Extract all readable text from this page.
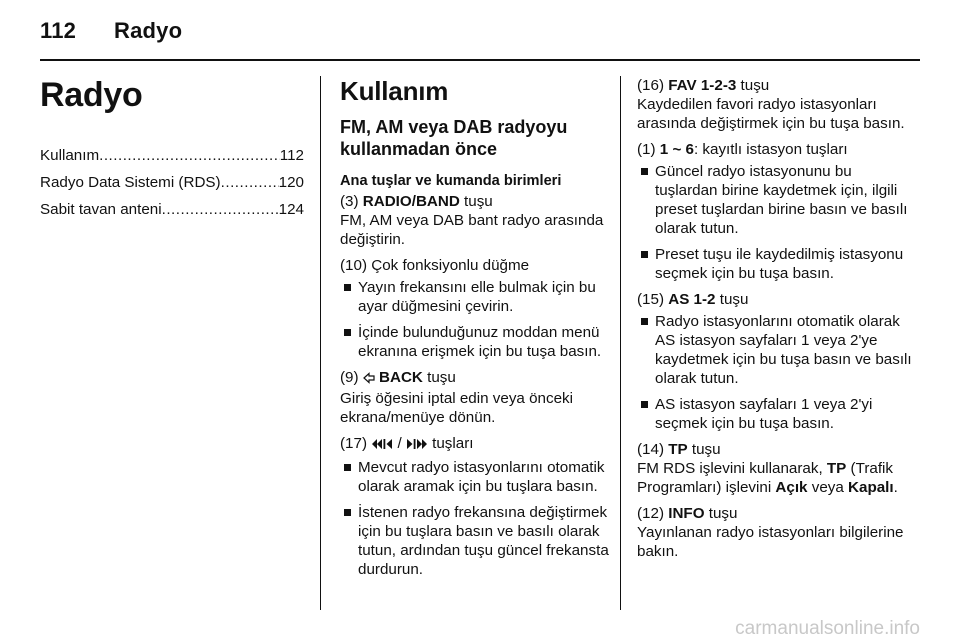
112 Radyo
Radyo
Kullanım .....	112
Radyo Data Sistemi (RDS) .....	120
Sabit tavan anteni .....	124
Kullanım
FM, AM veya DAB radyoyu kullanmadan önce
Ana tuşlar ve kumanda birimleri

(3) RADIO/BAND tuşu

FM, AM veya DAB bant radyo arasında değiştirin.

(10) Çok fonksiyonlu düğme

Yayın frekansını elle bulmak için bu ayar düğmesini çevirin.
İçinde bulunduğunuz moddan menü ekranına erişmek için bu tuşa basın.

(9)  BACK tuşu

Giriş öğesini iptal edin veya önceki ekrana/menüye dönün.

(17)  /  tuşları

Mevcut radyo istasyonlarını otomatik olarak aramak için bu tuşlara basın.
İstenen radyo frekansına değiştirmek için bu tuşlara basın ve basılı olarak tutun, ardından tuşu güncel frekansta durdurun.

(16) FAV 1-2-3 tuşu

Kaydedilen favori radyo istasyonları arasında değiştirmek için bu tuşa basın.

(1) 1 ~ 6: kayıtlı istasyon tuşları

Güncel radyo istasyonunu bu tuşlardan birine kaydetmek için, ilgili preset tuşlardan birine basın ve basılı olarak tutun.
Preset tuşu ile kaydedilmiş istasyonu seçmek için bu tuşa basın.

(15) AS 1-2 tuşu

Radyo istasyonlarını otomatik olarak AS istasyon sayfaları 1 veya 2'ye kaydetmek için bu tuşa basın ve basılı olarak tutun.
AS istasyon sayfaları 1 veya 2'yi seçmek için bu tuşa basın.

(14) TP tuşu

FM RDS işlevini kullanarak, TP (Trafik Programları) işlevini Açık veya Kapalı.

(12) INFO tuşu

Yayınlanan radyo istasyonları bilgilerine bakın.

carmanualsonline.info
